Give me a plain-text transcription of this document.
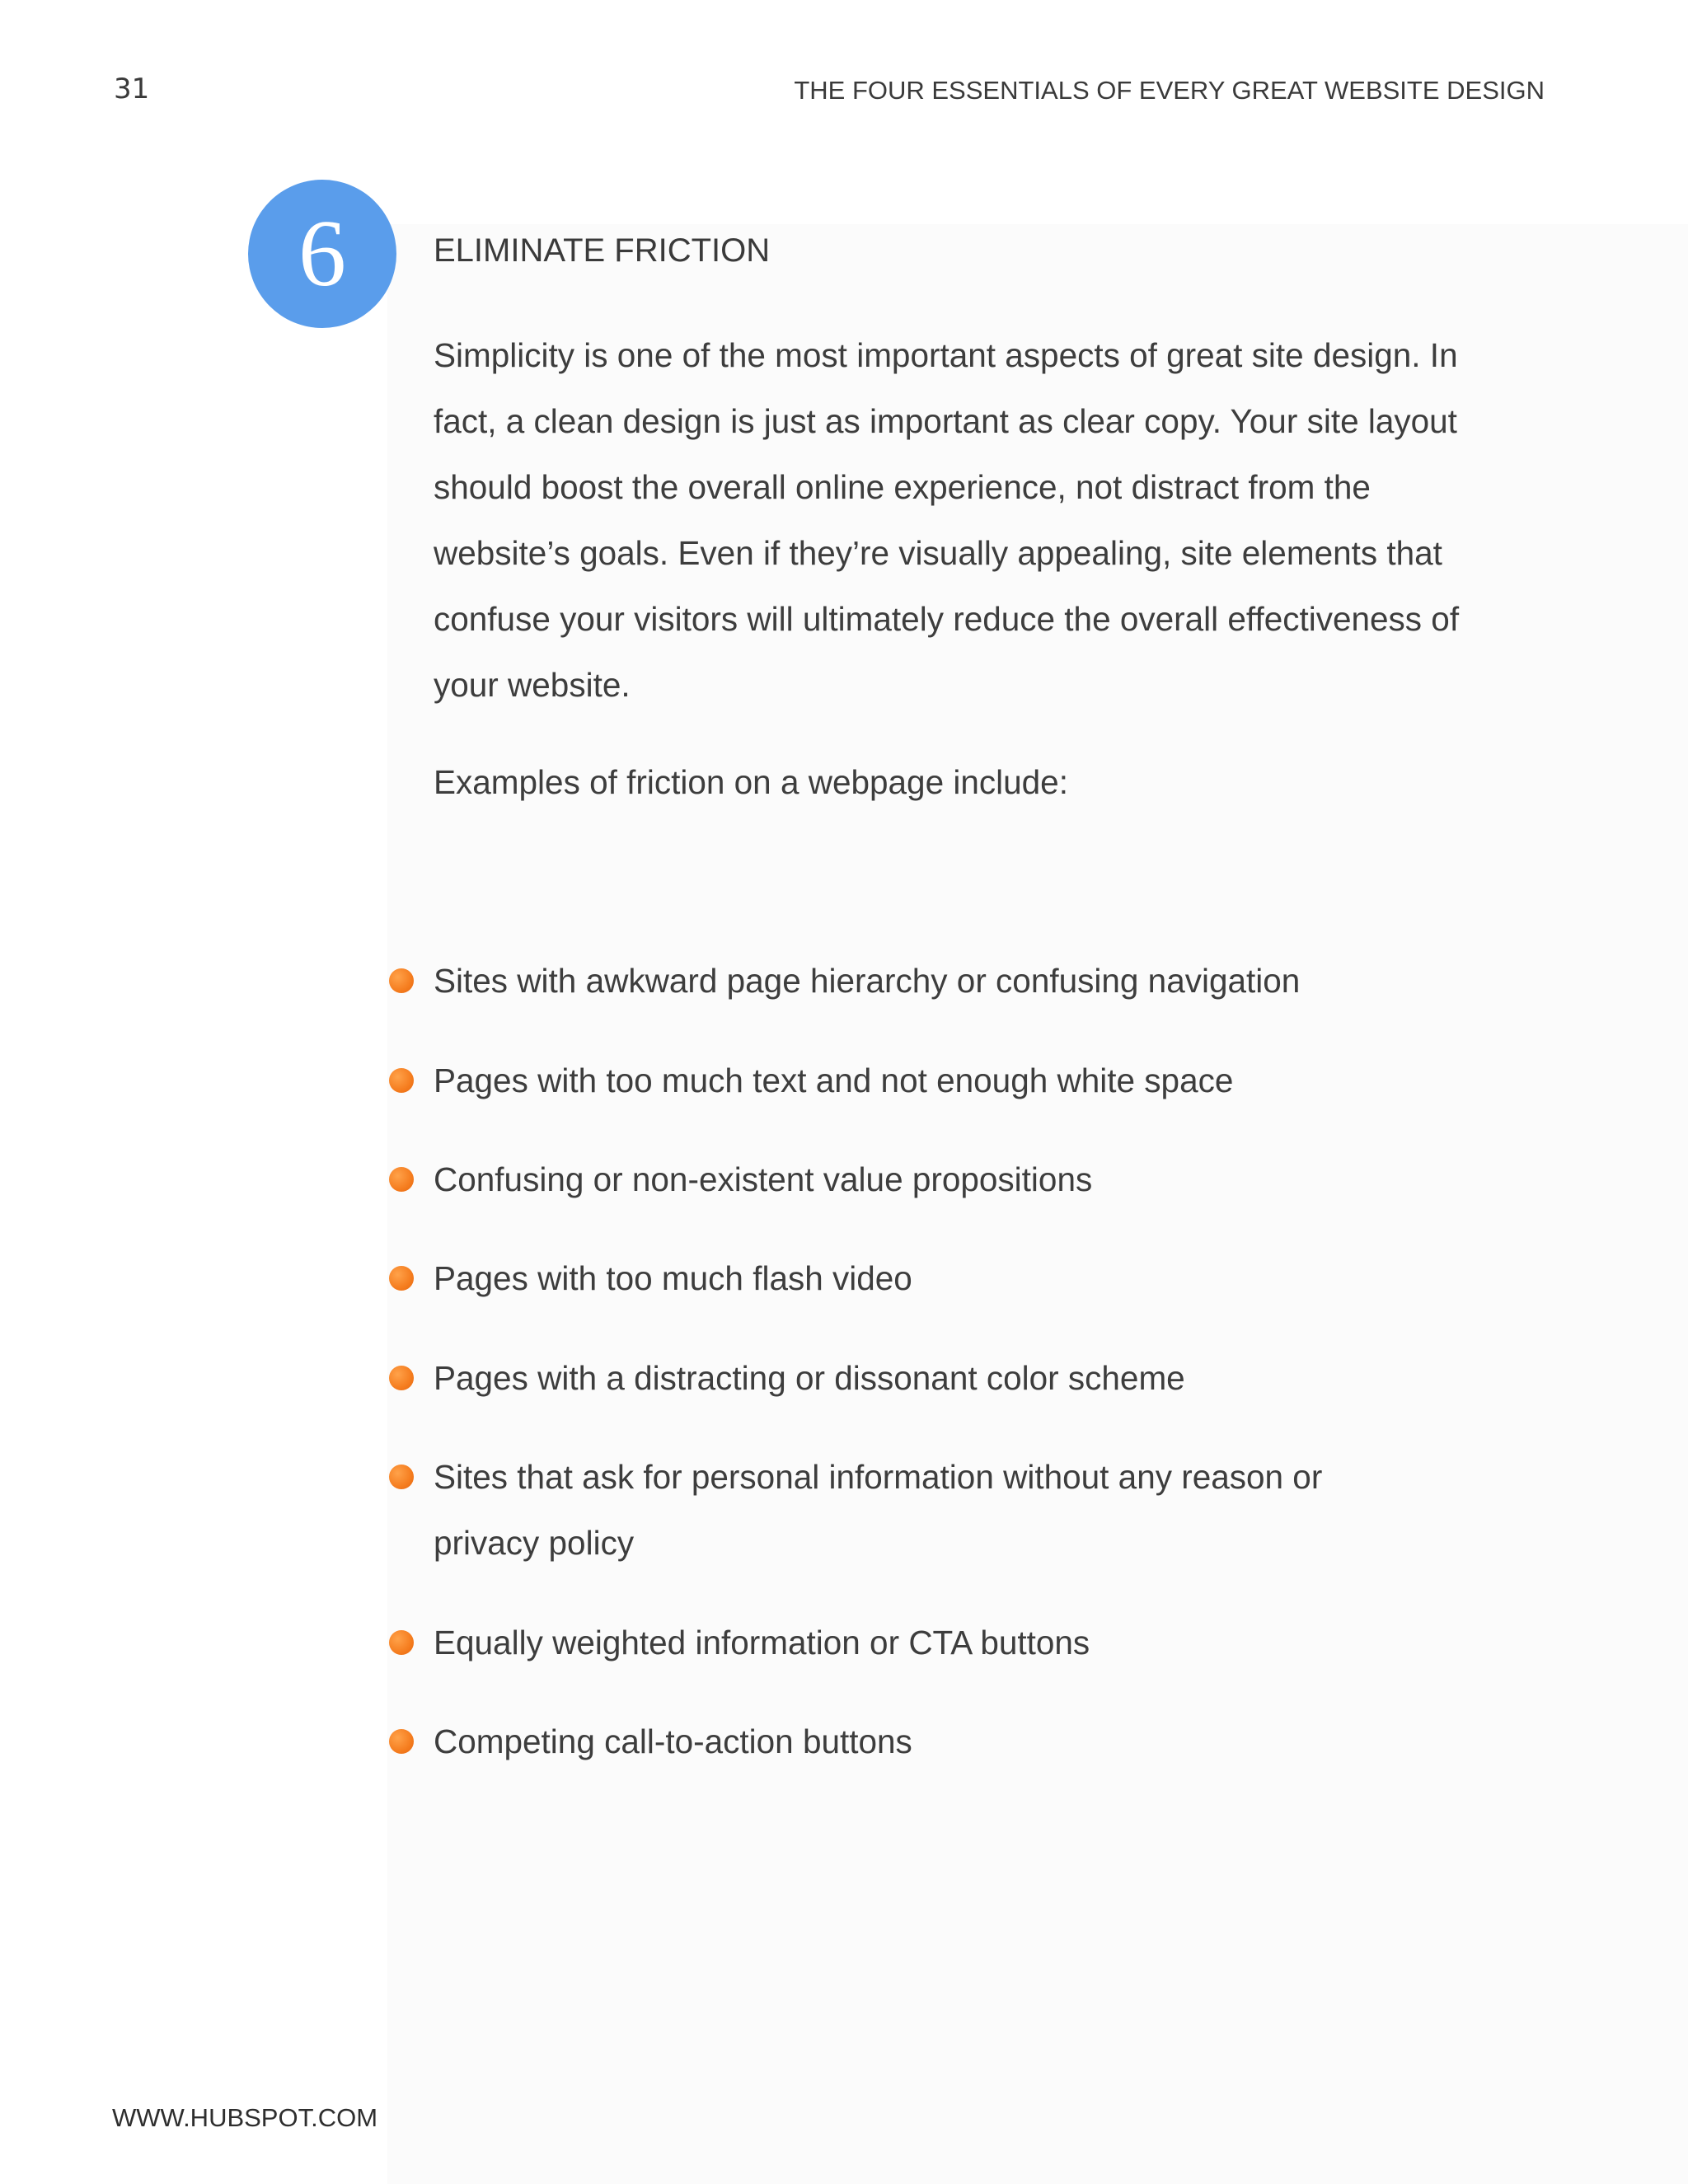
31	THE FOUR ESSENTIALS OF EVERY GREAT WEBSITE DESIGN
6	ELIMINATE FRICTION

Simplicity is one of the most important aspects of great site design. In fact, a clean design is just as important as clear copy. Your site layout should boost the overall online experience, not distract from the website’s goals. Even if they’re visually appealing, site elements that confuse your visitors will ultimately reduce the overall effectiveness of your website.

Examples of friction on a webpage include:
Sites with awkward page hierarchy or confusing navigation
Pages with too much text and not enough white space
Confusing or non-existent value propositions
Pages with too much flash video
Pages with a distracting or dissonant color scheme
Sites that ask for personal information without any reason or privacy policy
Equally weighted information or CTA buttons
Competing call-to-action buttons
WWW.HUBSPOT.COM
